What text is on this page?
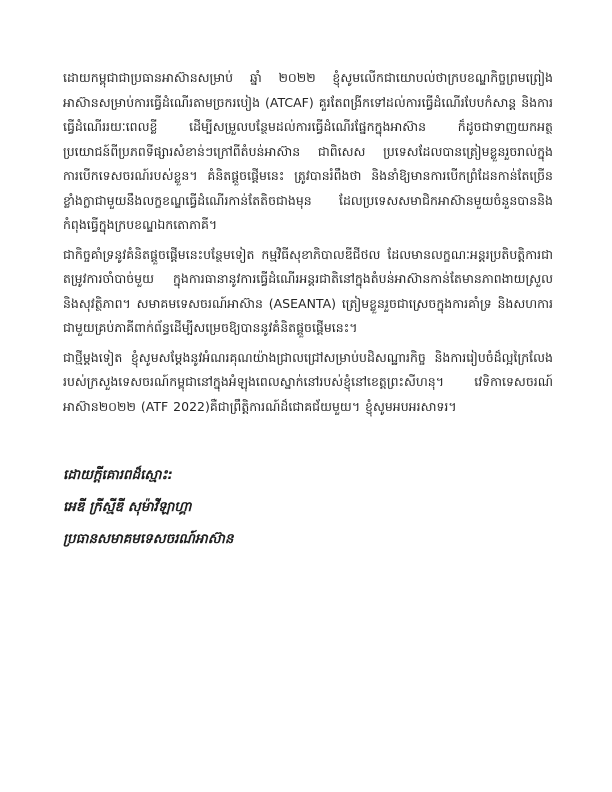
ដោយកម្ពុជាជាប្រធានអាស៊ានសម្រាប់ ឆ្នាំ ២០២២ ខ្ញុំសូមលើកជាយោបល់ថាក្របខណ្ឌកិច្ចព្រមព្រៀងអាស៊ានសម្រាប់ការធ្វើដំណើរតាមច្រករបៀង (ATCAF) គួរតែពង្រីកទៅដល់ការធ្វើដំណើរបែបកំសាន្ត និងការធ្វើដំណើររយៈពេលខ្លី ដើម្បីសម្រួលបន្ថែមដល់ការធ្វើដំណើរផ្នែកក្នុងអាស៊ាន ក៏ដូចជាទាញយកអត្ថប្រយោជន៍ពីប្រភពទីផ្សារសំខាន់ៗក្រៅពីតំបន់អាស៊ាន ជាពិសេស ប្រទេសដែលបានត្រៀមខ្លួនរួចរាល់ក្នុងការបើកទេសចរណ៍របស់ខ្លួន។ គំនិតផ្តួចផ្តើមនេះ ត្រូវបានរំពឹងថា និងនាំឱ្យមានការបើកព្រំដែនកាន់តែច្រើនខ្លាំងក្លាជាមួយនឹងលក្ខខណ្ឌធ្វើដំណើរកាន់តែតិចជាងមុន ដែលប្រទេសសមាជិកអាស៊ានមួយចំនួនបាននិងកំពុងធ្វើក្នុងក្របខណ្ឌឯកតោភាគី។

ជាកិច្ចគាំទ្រនូវគំនិតផ្តួចផ្តើមនេះបន្ថែមទៀត កម្មវិធីសុខាភិបាលឌីជីថល ដែលមានលក្ខណៈអន្តរប្រតិបត្តិការជាតម្រូវការចាំបាច់មួយ ក្នុងការធានានូវការធ្វើដំណើរអន្តរជាតិនៅក្នុងតំបន់អាស៊ានកាន់តែមានភាពងាយស្រួល និងសុវត្ថិភាព។ សមាគមទេសចរណ៍អាស៊ាន (ASEANTA) ត្រៀមខ្លួនរួចជាស្រេចក្នុងការគាំទ្រ និងសហការ ជាមួយគ្រប់ភាគីពាក់ព័ន្ធដើម្បីសម្រេចឱ្យបាននូវគំនិតផ្តួចផ្តើមនេះ។

ជាថ្មីម្តងទៀត ខ្ញុំសូមសម្តែងនូវអំណរគុណយ៉ាងជ្រាលជ្រៅសម្រាប់បដិសណ្ឋារកិច្ច និងការរៀបចំដ៏ល្អក្រៃលែងរបស់ក្រសួងទេសចរណ៍កម្ពុជានៅក្នុងអំឡុងពេលស្នាក់នៅរបស់ខ្ញុំនៅខេត្តព្រះសីហនុ។ វេទិកាទេសចរណ៍អាស៊ាន២០២២ (ATF 2022)គឺជាព្រឹត្តិការណ៍ដ៏ជោគជ័យមួយ។ ខ្ញុំសូមអបអរសាទរ។

ដោយក្តីគោរពដ៏ស្មោះ:

អេឌី ក្រីស្មីឌី សុម៉ាវីឡាហ្គា

ប្រធានសមាគមទេសចរណ៍អាស៊ាន
